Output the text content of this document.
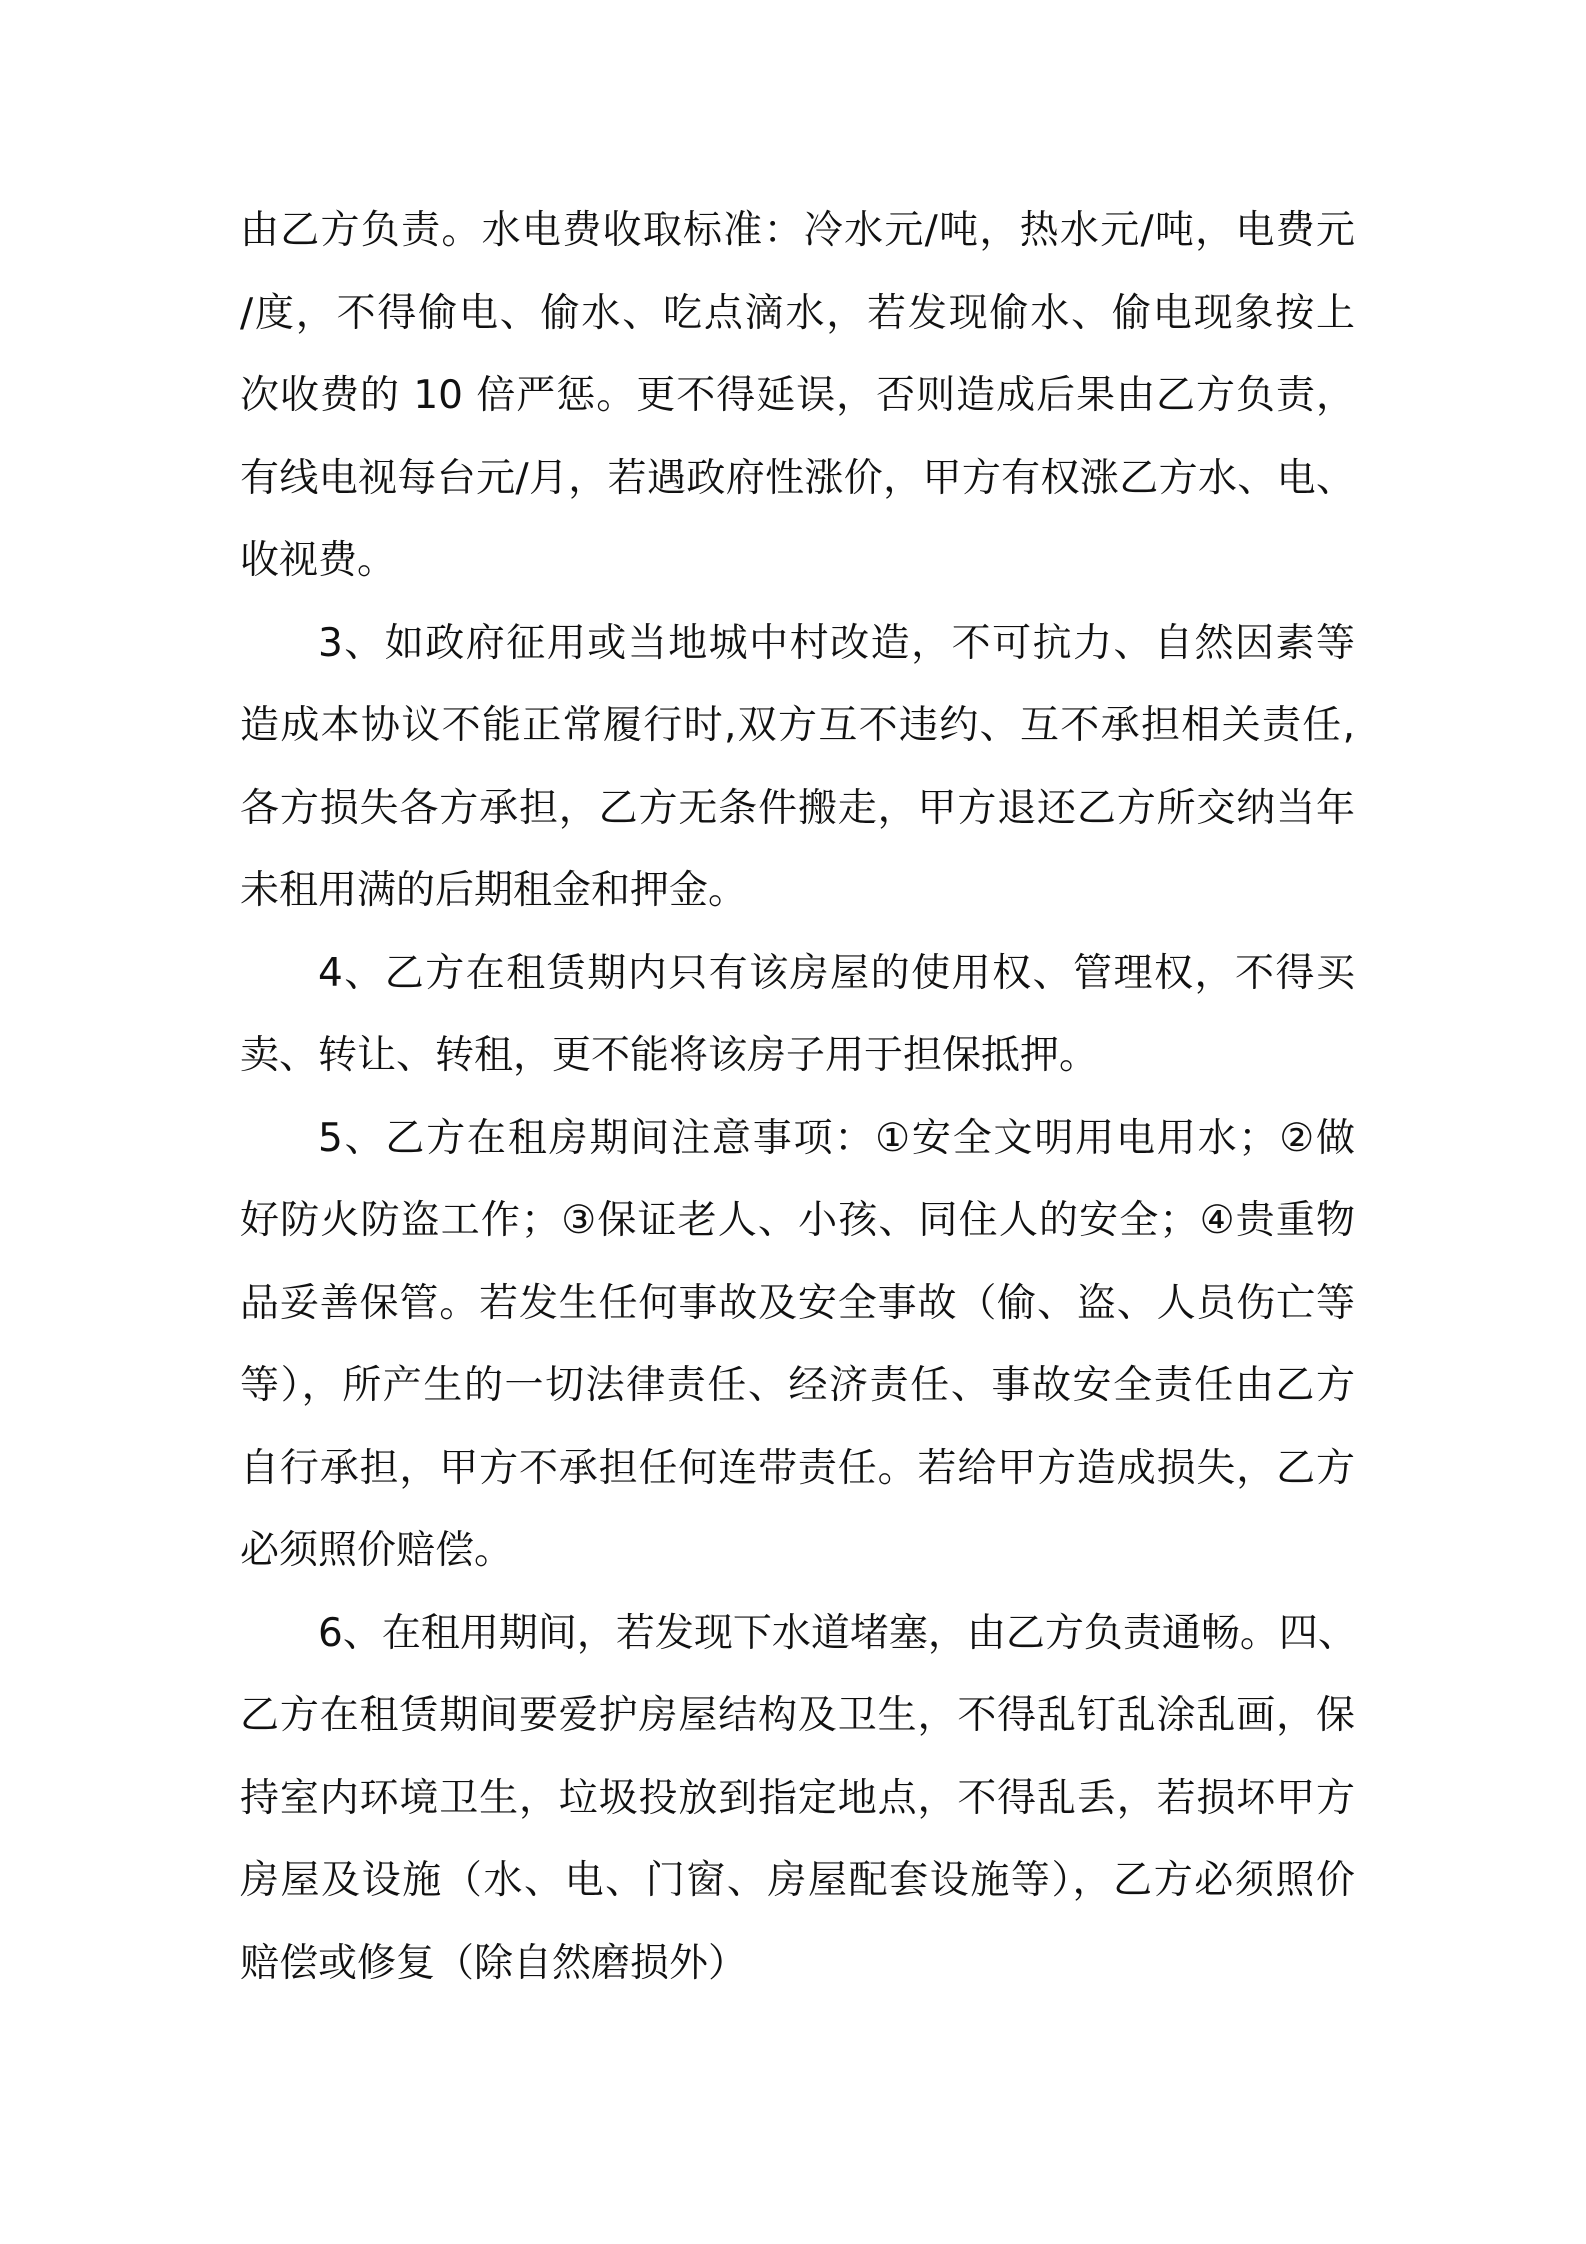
由乙方负责。水电费收取标准：冷水元/吨，热水元/吨，电费元
/度，不得偷电、偷水、吃点滴水，若发现偷水、偷电现象按上
次收费的 10 倍严惩。更不得延误，否则造成后果由乙方负责，
有线电视每台元/月，若遇政府性涨价，甲方有权涨乙方水、电、
收视费。
3、如政府征用或当地城中村改造，不可抗力、自然因素等
造成本协议不能正常履行时,双方互不违约、互不承担相关责任,
各方损失各方承担，乙方无条件搬走，甲方退还乙方所交纳当年
未租用满的后期租金和押金。
4、乙方在租赁期内只有该房屋的使用权、管理权，不得买
卖、转让、转租，更不能将该房子用于担保抵押。
5、乙方在租房期间注意事项：①安全文明用电用水；②做
好防火防盗工作；③保证老人、小孩、同住人的安全；④贵重物
品妥善保管。若发生任何事故及安全事故（偷、盗、人员伤亡等
等），所产生的一切法律责任、经济责任、事故安全责任由乙方
自行承担，甲方不承担任何连带责任。若给甲方造成损失，乙方
必须照价赔偿。
6、在租用期间，若发现下水道堵塞，由乙方负责通畅。四、
乙方在租赁期间要爱护房屋结构及卫生，不得乱钉乱涂乱画，保
持室内环境卫生，垃圾投放到指定地点，不得乱丢，若损坏甲方
房屋及设施（水、电、门窗、房屋配套设施等），乙方必须照价
赔偿或修复（除自然磨损外）
